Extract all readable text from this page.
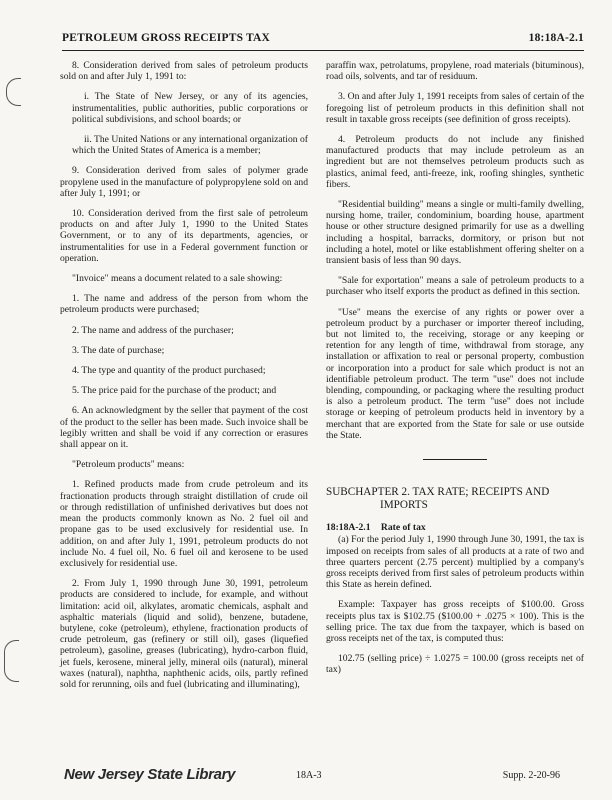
PETROLEUM GROSS RECEIPTS TAX	18:18A-2.1

8. Consideration derived from sales of petroleum products sold on and after July 1, 1991 to:

i. The State of New Jersey, or any of its agencies, instrumentalities, public authorities, public corporations or political subdivisions, and school boards; or

ii. The United Nations or any international organization of which the United States of America is a member;

9. Consideration derived from sales of polymer grade propylene used in the manufacture of polypropylene sold on and after July 1, 1991; or

10. Consideration derived from the first sale of petroleum products on and after July 1, 1990 to the United States Government, or to any of its departments, agencies, or instrumentalities for use in a Federal government function or operation.

"Invoice" means a document related to a sale showing:

1. The name and address of the person from whom the petroleum products were purchased;

2. The name and address of the purchaser;

3. The date of purchase;

4. The type and quantity of the product purchased;

5. The price paid for the purchase of the product; and

6. An acknowledgment by the seller that payment of the cost of the product to the seller has been made. Such invoice shall be legibly written and shall be void if any correction or erasures shall appear on it.

"Petroleum products" means:

1. Refined products made from crude petroleum and its fractionation products through straight distillation of crude oil or through redistillation of unfinished derivatives but does not mean the products commonly known as No. 2 fuel oil and propane gas to be used exclusively for residential use. In addition, on and after July 1, 1991, petroleum products do not include No. 4 fuel oil, No. 6 fuel oil and kerosene to be used exclusively for residential use.

2. From July 1, 1990 through June 30, 1991, petroleum products are considered to include, for example, and without limitation: acid oil, alkylates, aromatic chemicals, asphalt and asphaltic materials (liquid and solid), benzene, butadene, butylene, coke (petroleum), ethylene, fractionation products of crude petroleum, gas (refinery or still oil), gases (liquefied petroleum), gasoline, greases (lubricating), hydro-carbon fluid, jet fuels, kerosene, mineral jelly, mineral oils (natural), mineral waxes (natural), naphtha, naphthenic acids, oils, partly refined sold for rerunning, oils and fuel (lubricating and illuminating),

paraffin wax, petrolatums, propylene, road materials (bituminous), road oils, solvents, and tar of residuum.

3. On and after July 1, 1991 receipts from sales of certain of the foregoing list of petroleum products in this definition shall not result in taxable gross receipts (see definition of gross receipts).

4. Petroleum products do not include any finished manufactured products that may include petroleum as an ingredient but are not themselves petroleum products such as plastics, animal feed, anti-freeze, ink, roofing shingles, synthetic fibers.

"Residential building" means a single or multi-family dwelling, nursing home, trailer, condominium, boarding house, apartment house or other structure designed primarily for use as a dwelling including a hospital, barracks, dormitory, or prison but not including a hotel, motel or like establishment offering shelter on a transient basis of less than 90 days.

"Sale for exportation" means a sale of petroleum products to a purchaser who itself exports the product as defined in this section.

"Use" means the exercise of any rights or power over a petroleum product by a purchaser or importer thereof including, but not limited to, the receiving, storage or any keeping or retention for any length of time, withdrawal from storage, any installation or affixation to real or personal property, combustion or incorporation into a product for sale which product is not an identifiable petroleum product. The term "use" does not include blending, compounding, or packaging where the resulting product is also a petroleum product. The term "use" does not include storage or keeping of petroleum products held in inventory by a merchant that are exported from the State for sale or use outside the State.

SUBCHAPTER 2. TAX RATE; RECEIPTS AND
IMPORTS
18:18A-2.1 Rate of tax

(a) For the period July 1, 1990 through June 30, 1991, the tax is imposed on receipts from sales of all products at a rate of two and three quarters percent (2.75 percent) multiplied by a company's gross receipts derived from first sales of petroleum products within this State as herein defined.

Example: Taxpayer has gross receipts of $100.00. Gross receipts plus tax is $102.75 ($100.00 + .0275 × 100). This is the selling price. The tax due from the taxpayer, which is based on gross receipts net of the tax, is computed thus:

102.75 (selling price) ÷ 1.0275 = 100.00 (gross receipts net of tax)

New Jersey State Library	18A-3	Supp. 2-20-96
